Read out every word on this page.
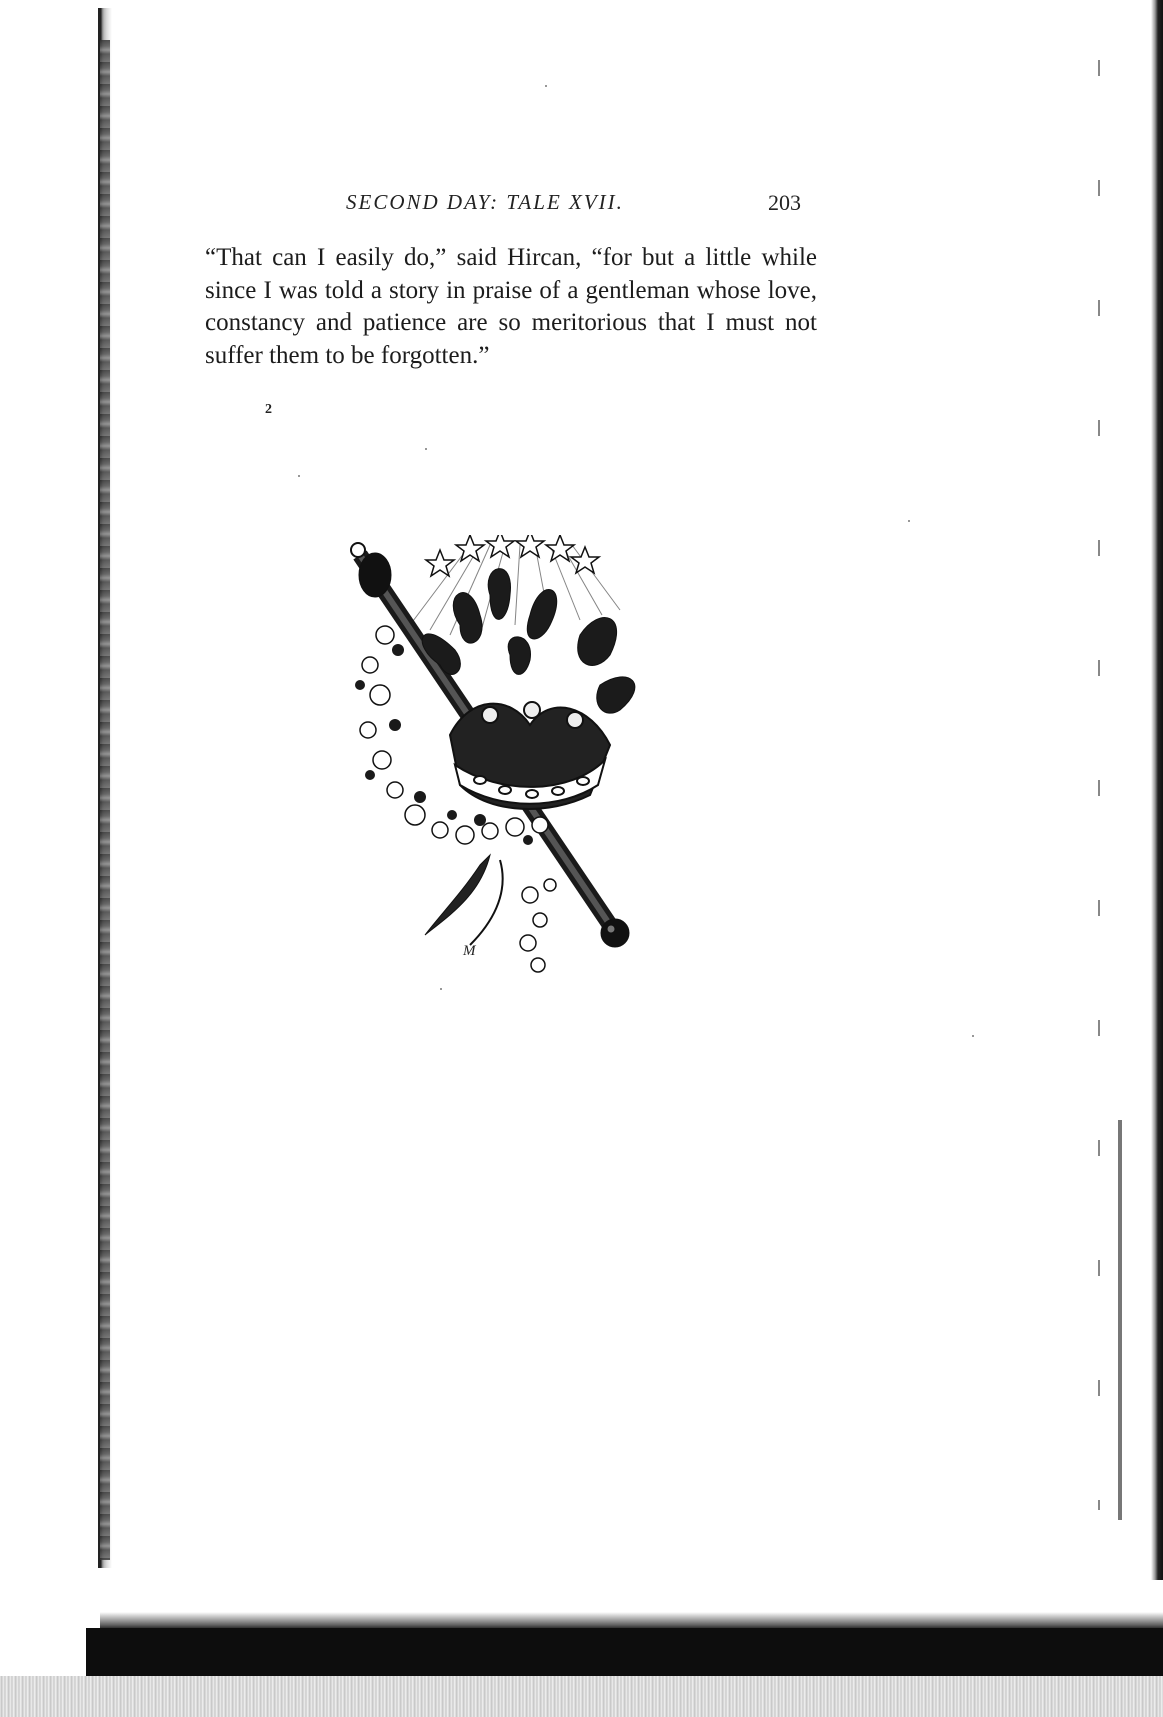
SECOND DAY: TALE XVII.	203

“That can I easily do,” said Hircan, “for but a little while since I was told a story in praise of a gentleman whose love, constancy and patience are so meritorious that I must not suffer them to be forgotten.”

2
M
